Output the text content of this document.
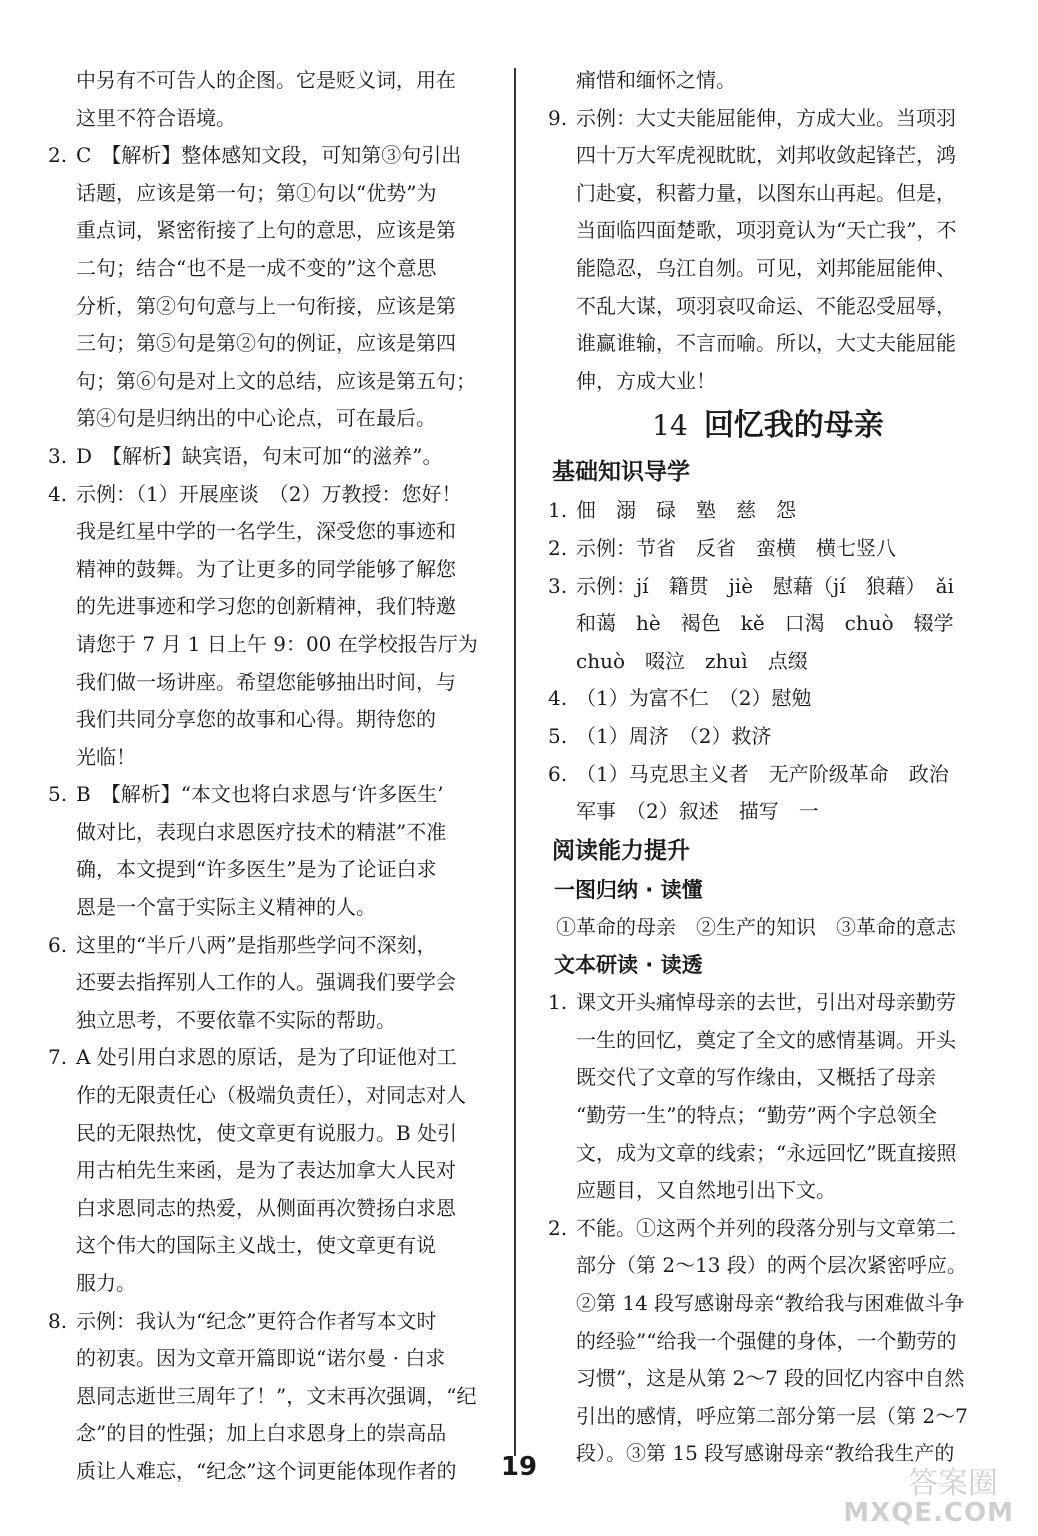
中另有不可告人的企图。它是贬义词，用在

这里不符合语境。

2. C　【解析】整体感知文段，可知第③句引出

话题，应该是第一句；第①句以“优势”为

重点词，紧密衔接了上句的意思，应该是第

二句；结合“也不是一成不变的”这个意思

分析，第②句句意与上一句衔接，应该是第

三句；第⑤句是第②句的例证，应该是第四

句；第⑥句是对上文的总结，应该是第五句；

第④句是归纳出的中心论点，可在最后。

3. D　【解析】缺宾语，句末可加“的滋养”。

4. 示例：（1）开展座谈　（2）万教授：您好！

我是红星中学的一名学生，深受您的事迹和

精神的鼓舞。为了让更多的同学能够了解您

的先进事迹和学习您的创新精神，我们特邀

请您于 7 月 1 日上午 9：00 在学校报告厅为

我们做一场讲座。希望您能够抽出时间，与

我们共同分享您的故事和心得。期待您的

光临！

5. B　【解析】“本文也将白求恩与‘许多医生’

做对比，表现白求恩医疗技术的精湛”不准

确，本文提到“许多医生”是为了论证白求

恩是一个富于实际主义精神的人。

6. 这里的“半斤八两”是指那些学问不深刻，

还要去指挥别人工作的人。强调我们要学会

独立思考，不要依靠不实际的帮助。

7. A 处引用白求恩的原话，是为了印证他对工

作的无限责任心（极端负责任），对同志对人

民的无限热忱，使文章更有说服力。B 处引

用古柏先生来函，是为了表达加拿大人民对

白求恩同志的热爱，从侧面再次赞扬白求恩

这个伟大的国际主义战士，使文章更有说

服力。

8. 示例：我认为“纪念”更符合作者写本文时

的初衷。因为文章开篇即说“诺尔曼 · 白求

恩同志逝世三周年了！”，文末再次强调，“纪

念”的目的性强；加上白求恩身上的崇高品

质让人难忘，“纪念”这个词更能体现作者的

痛惜和缅怀之情。

9. 示例：大丈夫能屈能伸，方成大业。当项羽

四十万大军虎视眈眈，刘邦收敛起锋芒，鸿

门赴宴，积蓄力量，以图东山再起。但是，

当面临四面楚歌，项羽竟认为“天亡我”，不

能隐忍，乌江自刎。可见，刘邦能屈能伸、

不乱大谋，项羽哀叹命运、不能忍受屈辱，

谁赢谁输，不言而喻。所以，大丈夫能屈能

伸，方成大业！

14 回忆我的母亲
基础知识导学

1. 佃　溺　碌　塾　慈　怨

2. 示例：节省　反省　蛮横　横七竖八

3. 示例：jí　籍贯　jiè　慰藉（jí　狼藉）　ǎi

和蔼　hè　褐色　kě　口渴　chuò　辍学

chuò　啜泣　zhuì　点缀

4. （1）为富不仁　（2）慰勉

5. （1）周济　（2）救济

6. （1）马克思主义者　无产阶级革命　政治

军事　（2）叙述　描写　一

阅读能力提升
一图归纳 · 读懂

①革命的母亲　②生产的知识　③革命的意志

文本研读 · 读透

1. 课文开头痛悼母亲的去世，引出对母亲勤劳

一生的回忆，奠定了全文的感情基调。开头

既交代了文章的写作缘由，又概括了母亲

“勤劳一生”的特点；“勤劳”两个字总领全

文，成为文章的线索；“永远回忆”既直接照

应题目，又自然地引出下文。

2. 不能。①这两个并列的段落分别与文章第二

部分（第 2～13 段）的两个层次紧密呼应。

②第 14 段写感谢母亲“教给我与困难做斗争

的经验”“给我一个强健的身体，一个勤劳的

习惯”，这是从第 2～7 段的回忆内容中自然

引出的感情，呼应第二部分第一层（第 2～7

段）。③第 15 段写感谢母亲“教给我生产的

19	答案圈
MXQE.COM
